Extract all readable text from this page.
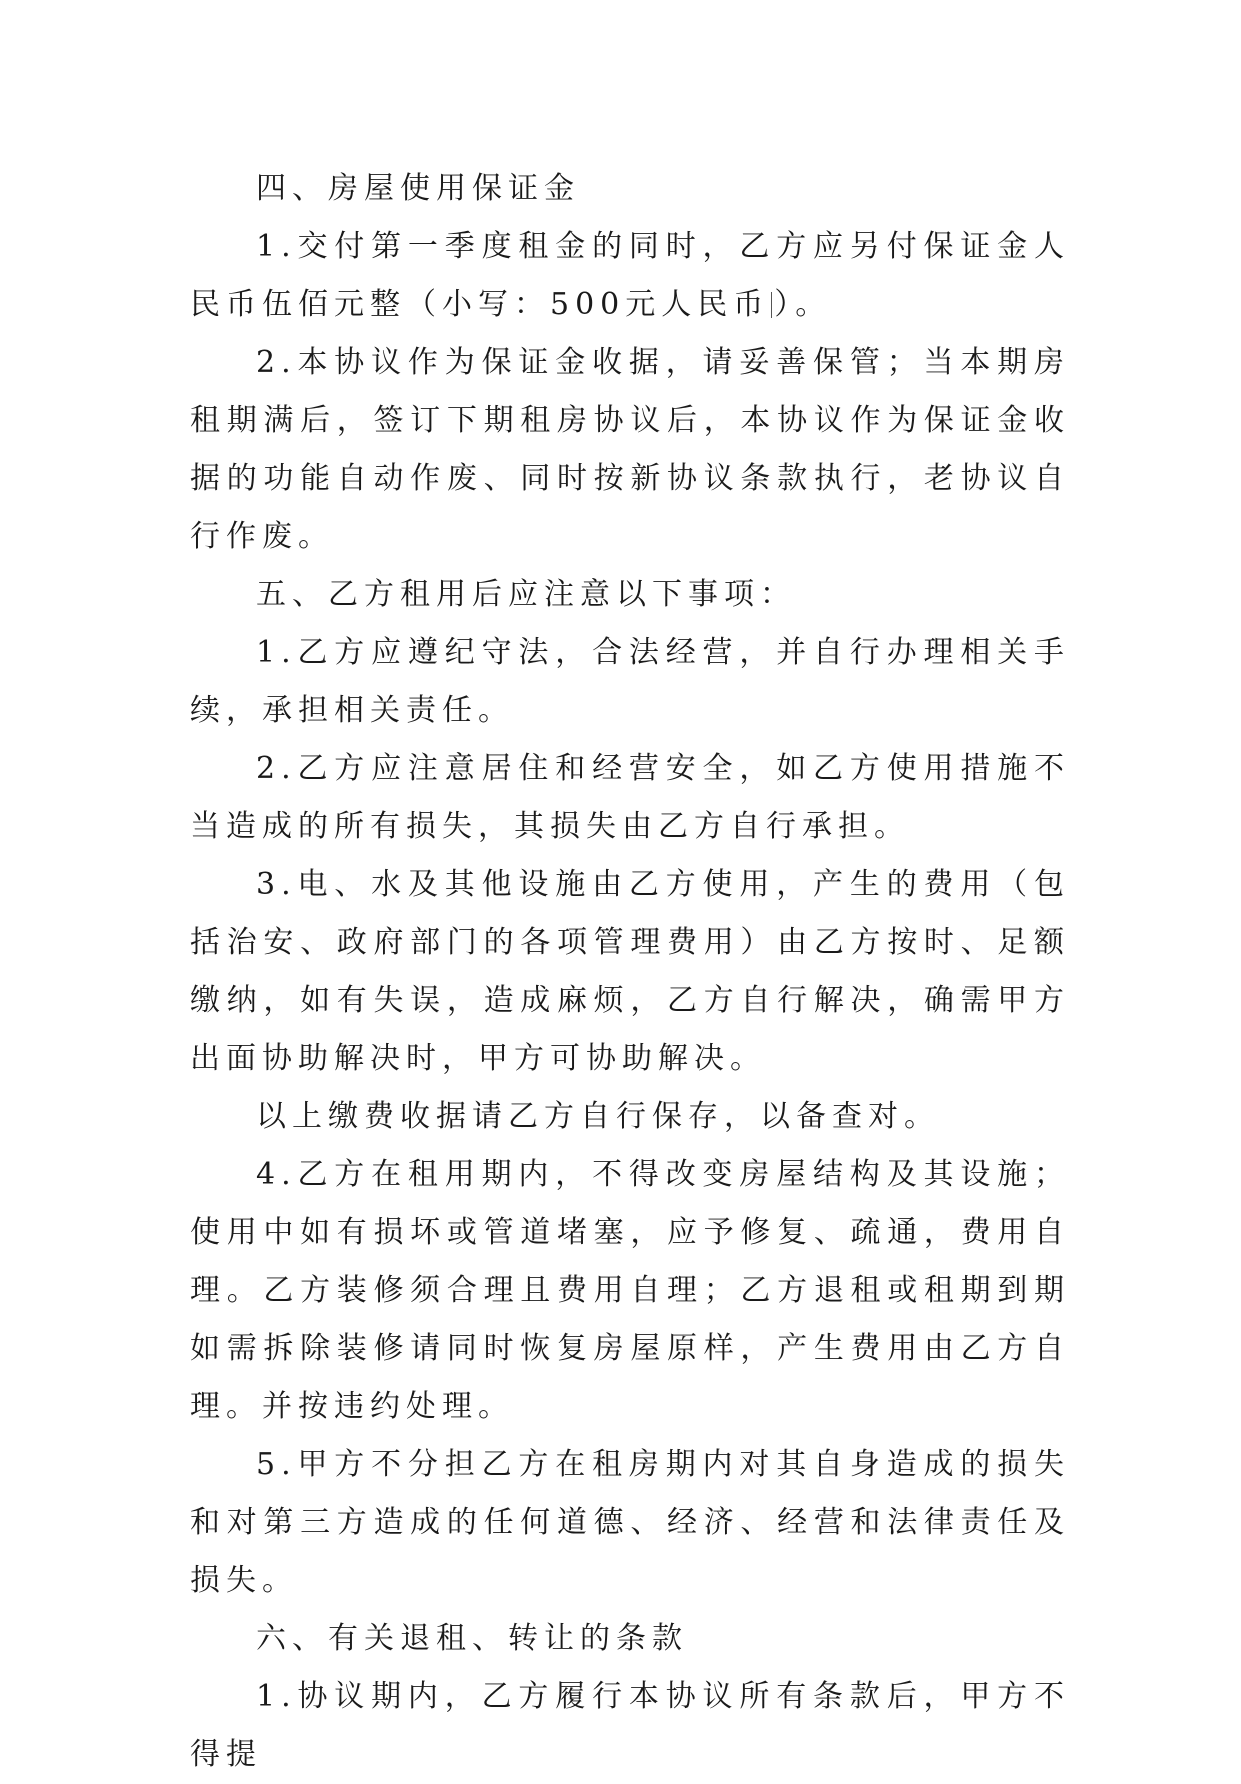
四、房屋使用保证金

1.交付第一季度租金的同时，乙方应另付保证金人民币伍佰元整（小写：500元人民币 ）。

2.本协议作为保证金收据，请妥善保管；当本期房租期满后，签订下期租房协议后，本协议作为保证金收据的功能自动作废、同时按新协议条款执行，老协议自行作废。

五、乙方租用后应注意以下事项：

1.乙方应遵纪守法，合法经营，并自行办理相关手续，承担相关责任。

2.乙方应注意居住和经营安全，如乙方使用措施不当造成的所有损失，其损失由乙方自行承担。

3.电、水及其他设施由乙方使用，产生的费用（包括治安、政府部门的各项管理费用）由乙方按时、足额缴纳，如有失误，造成麻烦，乙方自行解决，确需甲方出面协助解决时，甲方可协助解决。

以上缴费收据请乙方自行保存，以备查对。

4.乙方在租用期内，不得改变房屋结构及其设施；使用中如有损坏或管道堵塞，应予修复、疏通，费用自理。乙方装修须合理且费用自理；乙方退租或租期到期如需拆除装修请同时恢复房屋原样，产生费用由乙方自理。并按违约处理。

5.甲方不分担乙方在租房期内对其自身造成的损失和对第三方造成的任何道德、经济、经营和法律责任及损失。

六、有关退租、转让的条款

1.协议期内，乙方履行本协议所有条款后，甲方不得提
